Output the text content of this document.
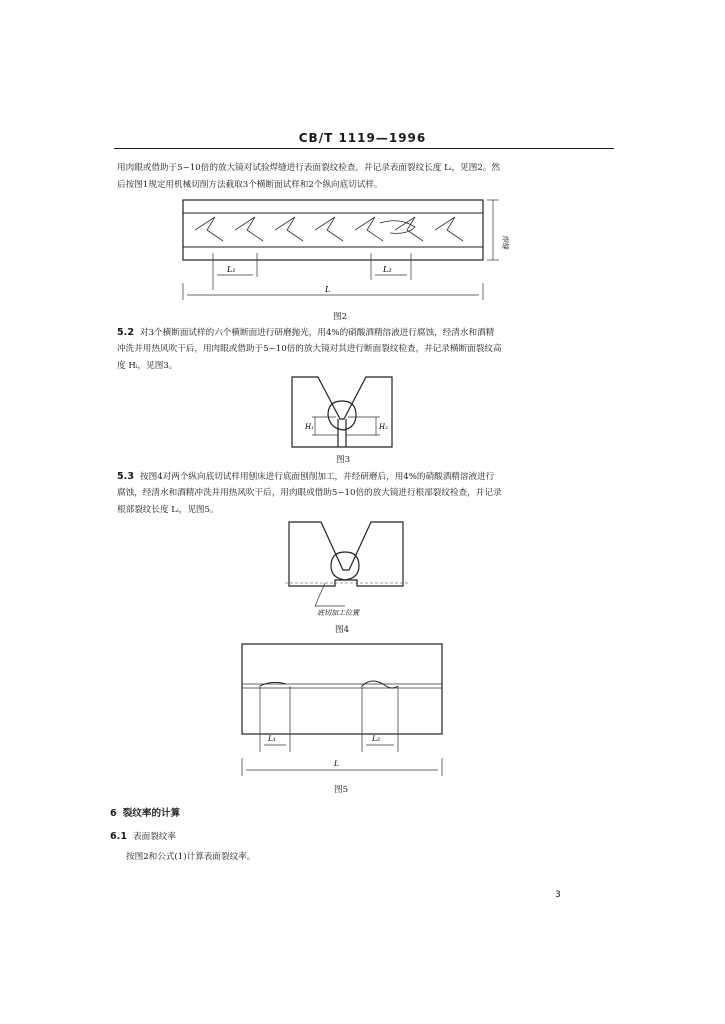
CB/T 1119—1996
用肉眼或借助于5~10倍的放大镜对试验焊缝进行表面裂纹检查，并记录表面裂纹长度 Lᵢ，见图2。然
后按图1规定用机械切削方法截取3个横断面试样和2个纵向底切试样。
焊缝
L₁	L₂
L
图2
5.2 对3个横断面试样的六个横断面进行研磨抛光，用4%的硝酸酒精溶液进行腐蚀，经清水和酒精
冲洗并用热风吹干后，用肉眼或借助于5~10倍的放大镜对其进行断面裂纹检查，并记录横断面裂纹高
度 Hᵢ，见图3。
H₁	H₂
图3
5.3 按图4对两个纵向底切试样用刨床进行底面刨削加工，并经研磨后，用4%的硝酸酒精溶液进行
腐蚀，经清水和酒精冲洗并用热风吹干后，用肉眼或借助5~10倍的放大镜进行根部裂纹检查，并记录
根部裂纹长度 Lᵢ，见图5。
底切加工位置
图4
L₁	L₂
L
图5
6 裂纹率的计算
6.1 表面裂纹率
按图2和公式(1)计算表面裂纹率。
3
